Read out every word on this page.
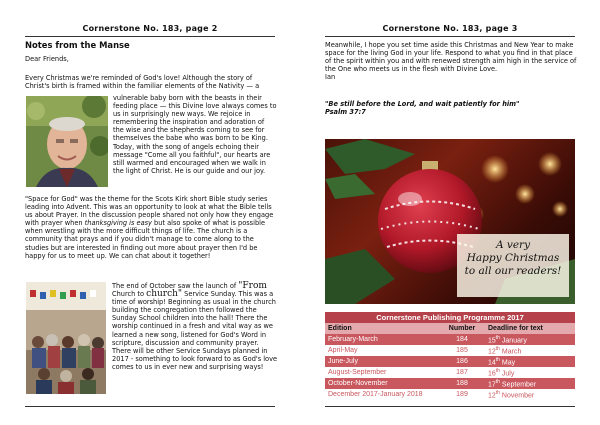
Cornerstone No. 183, page 2
Notes from the Manse
Dear Friends,
Every Christmas we're reminded of God's love! Although the story of Christ's birth is framed within the familiar elements of the Nativity — a
vulnerable baby born with the beasts in their feeding place — this Divine love always comes to us in surprisingly new ways. We rejoice in remembering the inspiration and adoration of the wise and the shepherds coming to see for themselves the babe who was born to be King. Today, with the song of angels echoing their message "Come all you faithful", our hearts are still warmed and encouraged when we walk in the light of Christ. He is our guide and our joy.
"Space for God" was the theme for the Scots Kirk short Bible study series leading into Advent. This was an opportunity to look at what the Bible tells us about Prayer. In the discussion people shared not only how they engage with prayer when thanksgiving is easy but also spoke of what is possible when wrestling with the more difficult things of life. The church is a community that prays and if you didn't manage to come along to the studies but are interested in finding out more about prayer then I'd be happy for us to meet up. We can chat about it together!
The end of October saw the launch of "From Church to church" Service Sunday. This was a time of worship! Beginning as usual in the church building the congregation then followed the Sunday School children into the hall! There the worship continued in a fresh and vital way as we learned a new song, listened for God's Word in scripture, discussion and community prayer. There will be other Service Sundays planned in 2017 - something to look forward to as God's love comes to us in ever new and surprising ways!
Cornerstone No. 183, page 3
Meanwhile, I hope you set time aside this Christmas and New Year to make space for the living God in your life. Respond to what you find in that place of the spirit within you and with renewed strength aim high in the service of the One who meets us in the flesh with Divine Love.
Ian
"Be still before the Lord, and wait patiently for him"
Psalm 37:7
A very
Happy Christmas
to all our readers!
Cornerstone Publishing Programme 2017
Edition	Number	Deadline for text
February-March	184	15th January
April-May	185	12th March
June-July	186	14th May
August-September	187	16th July
October-November	188	17th September
December 2017-January 2018	189	12th November
